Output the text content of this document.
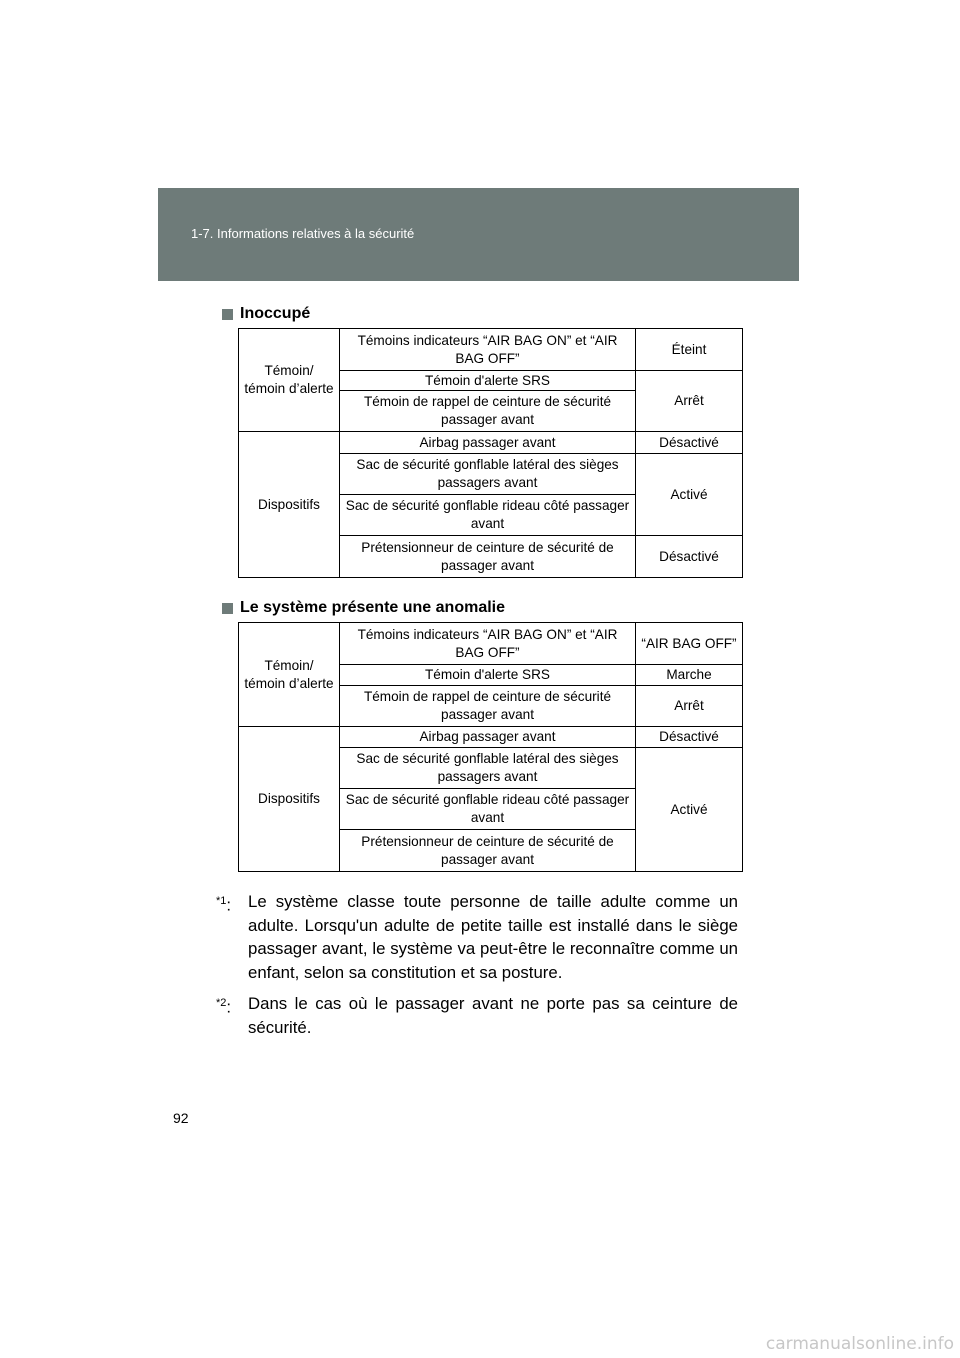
1-7. Informations relatives à la sécurité
Inoccupé
Témoin/ témoin d’alerte	Témoins indicateurs “AIR BAG ON” et “AIR BAG OFF”	Éteint
	Témoin d'alerte SRS	Arrêt
	Témoin de rappel de ceinture de sécurité passager avant	
Dispositifs	Airbag passager avant	Désactivé
	Sac de sécurité gonflable latéral des sièges passagers avant	Activé
	Sac de sécurité gonflable rideau côté passager avant	
	Prétensionneur de ceinture de sécurité de passager avant	Désactivé
Le système présente une anomalie
Témoin/ témoin d’alerte	Témoins indicateurs “AIR BAG ON” et “AIR BAG OFF”	“AIR BAG OFF”
	Témoin d'alerte SRS	Marche
	Témoin de rappel de ceinture de sécurité passager avant	Arrêt
Dispositifs	Airbag passager avant	Désactivé
	Sac de sécurité gonflable latéral des sièges passagers avant	Activé
	Sac de sécurité gonflable rideau côté passager avant	
	Prétensionneur de ceinture de sécurité de passager avant	
$^{*1}$:	Le système classe toute personne de taille adulte comme un adulte. Lorsqu'un adulte de petite taille est installé dans le siège passager avant, le système va peut-être le reconnaître comme un enfant, selon sa constitution et sa posture.
$^{*2}$:	Dans le cas où le passager avant ne porte pas sa ceinture de sécurité.
92
carmanualsonline.info
